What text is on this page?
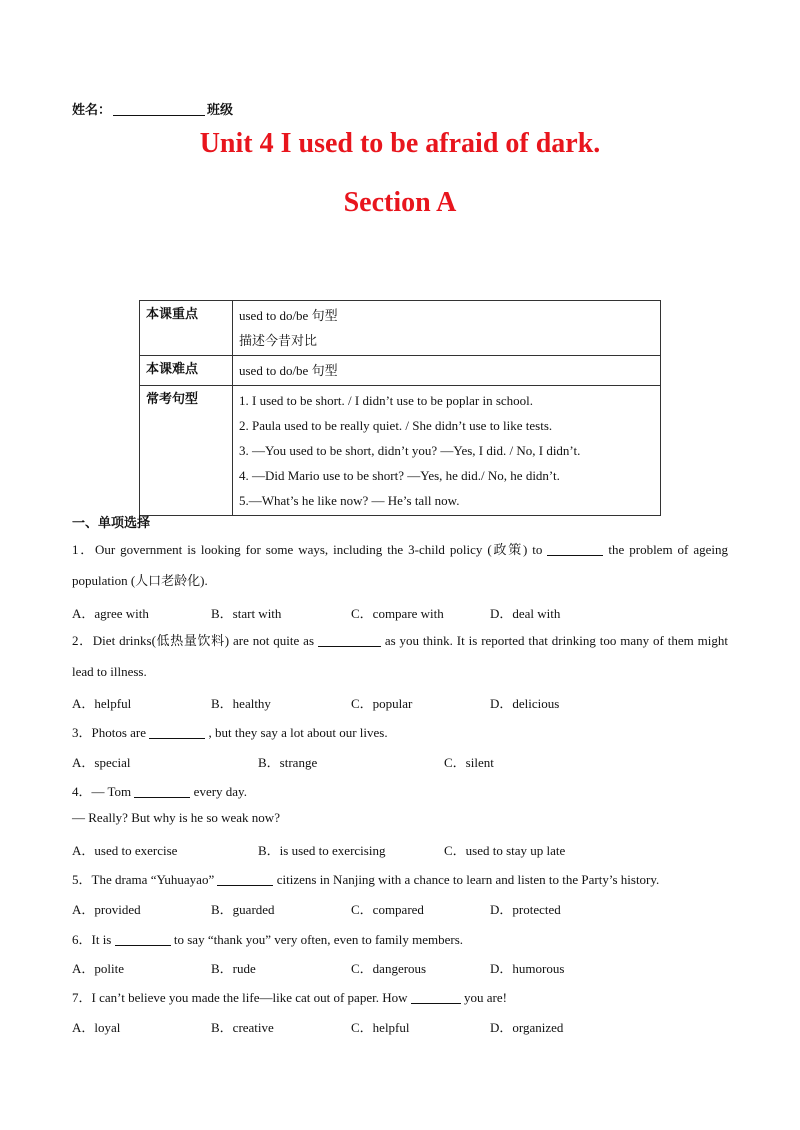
姓名：	班级
Unit 4 I used to be afraid of dark.
Section A
本课重点	used to do/be 句型
描述今昔对比

本课难点	used to do/be 句型

常考句型	1. I used to be short. / I didn’t use to be poplar in school.
2. Paula used to be really quiet. / She didn’t use to like tests.
3. —You used to be short, didn’t you? —Yes, I did. / No, I didn’t.
4. —Did Mario use to be short? —Yes, he did./ No, he didn’t.
5.—What’s he like now? — He’s tall now.
一、单项选择
1．Our government is looking for some ways, including the 3-child policy (政策) to	the problem of ageing population (人口老龄化).
A．agree with	B．start with	C．compare with	D．deal with
2．Diet drinks(低热量饮料) are not quite as	as you think. It is reported that drinking too many of them might lead to illness.
A．helpful	B．healthy	C．popular	D．delicious
3．Photos are	, but they say a lot about our lives.
A．special	B．strange	C．silent
4．— Tom	every day.
— Really? But why is he so weak now?
A．used to exercise	B．is used to exercising	C．used to stay up late
5．The drama “Yuhuayao”	citizens in Nanjing with a chance to learn and listen to the Party’s history.
A．provided	B．guarded	C．compared	D．protected
6．It is	to say “thank you” very often, even to family members.
A．polite	B．rude	C．dangerous	D．humorous
7．I can’t believe you made the life—like cat out of paper. How	you are!
A．loyal	B．creative	C．helpful	D．organized
